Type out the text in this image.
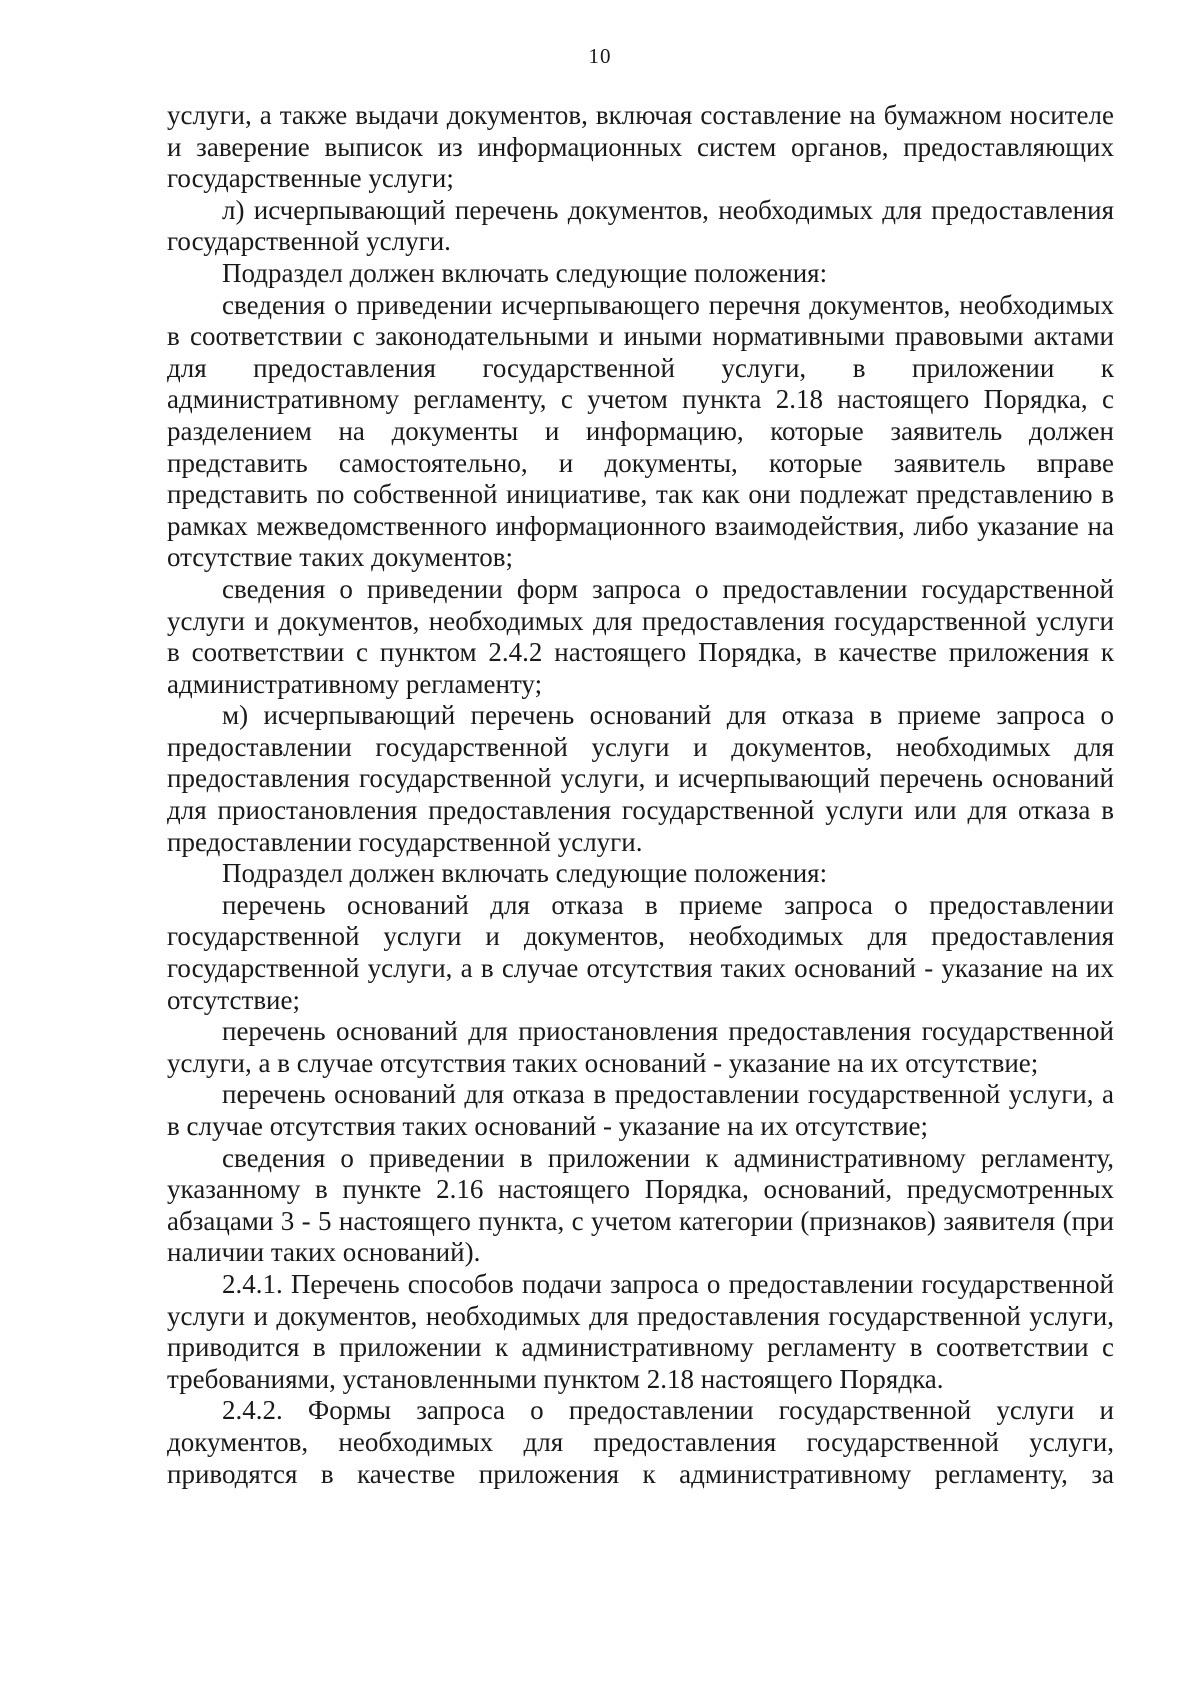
10

услуги, а также выдачи документов, включая составление на бумажном носителе и заверение выписок из информационных систем органов, предоставляющих государственные услуги;

л) исчерпывающий перечень документов, необходимых для предоставления государственной услуги.

Подраздел должен включать следующие положения:

сведения о приведении исчерпывающего перечня документов, необходимых в соответствии с законодательными и иными нормативными правовыми актами для предоставления государственной услуги, в приложении к административному регламенту, с учетом пункта 2.18 настоящего Порядка, с разделением на документы и информацию, которые заявитель должен представить самостоятельно, и документы, которые заявитель вправе представить по собственной инициативе, так как они подлежат представлению в рамках межведомственного информационного взаимодействия, либо указание на отсутствие таких документов;

сведения о приведении форм запроса о предоставлении государственной услуги и документов, необходимых для предоставления государственной услуги в соответствии с пунктом 2.4.2 настоящего Порядка, в качестве приложения к административному регламенту;

м) исчерпывающий перечень оснований для отказа в приеме запроса о предоставлении государственной услуги и документов, необходимых для предоставления государственной услуги, и исчерпывающий перечень оснований для приостановления предоставления государственной услуги или для отказа в предоставлении государственной услуги.

Подраздел должен включать следующие положения:

перечень оснований для отказа в приеме запроса о предоставлении государственной услуги и документов, необходимых для предоставления государственной услуги, а в случае отсутствия таких оснований - указание на их отсутствие;

перечень оснований для приостановления предоставления государственной услуги, а в случае отсутствия таких оснований - указание на их отсутствие;

перечень оснований для отказа в предоставлении государственной услуги, а в случае отсутствия таких оснований - указание на их отсутствие;

сведения о приведении в приложении к административному регламенту, указанному в пункте 2.16 настоящего Порядка, оснований, предусмотренных абзацами 3 - 5 настоящего пункта, с учетом категории (признаков) заявителя (при наличии таких оснований).

2.4.1. Перечень способов подачи запроса о предоставлении государственной услуги и документов, необходимых для предоставления государственной услуги, приводится в приложении к административному регламенту в соответствии с требованиями, установленными пунктом 2.18 настоящего Порядка.

2.4.2. Формы запроса о предоставлении государственной услуги и документов, необходимых для предоставления государственной услуги, приводятся в качестве приложения к административному регламенту, за
